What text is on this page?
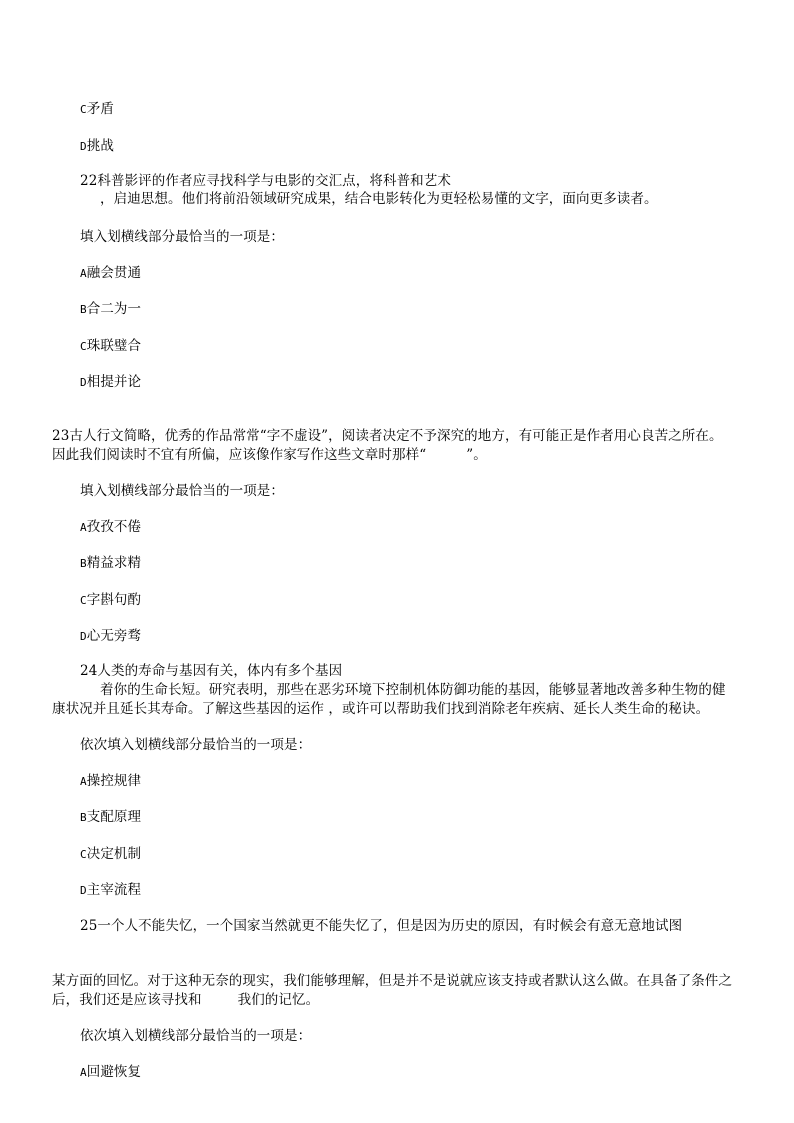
C矛盾
D挑战
22科普影评的作者应寻找科学与电影的交汇点，将科普和艺术
，启迪思想。他们将前沿领域研究成果，结合电影转化为更轻松易懂的文字，面向更多读者。
填入划横线部分最恰当的一项是：
A融会贯通
B合二为一
C珠联璧合
D相提并论
23古人行文简略，优秀的作品常常“字不虚设”，阅读者决定不予深究的地方，有可能正是作者用心良苦之所在。
因此我们阅读时不宜有所偏，应该像作家写作这些文章时那样“	”。
填入划横线部分最恰当的一项是：
A孜孜不倦
B精益求精
C字斟句酌
D心无旁骛
24人类的寿命与基因有关，体内有多个基因
着你的生命长短。研究表明，那些在恶劣环境下控制机体防御功能的基因，能够显著地改善多种生物的健
康状况并且延长其寿命。了解这些基因的运作 ，或许可以帮助我们找到消除老年疾病、延长人类生命的秘诀。
依次填入划横线部分最恰当的一项是：
A操控规律
B支配原理
C决定机制
D主宰流程
25一个人不能失忆，一个国家当然就更不能失忆了，但是因为历史的原因，有时候会有意无意地试图
某方面的回忆。对于这种无奈的现实，我们能够理解，但是并不是说就应该支持或者默认这么做。在具备了条件之
后，我们还是应该寻找和	我们的记忆。
依次填入划横线部分最恰当的一项是：
A回避恢复
